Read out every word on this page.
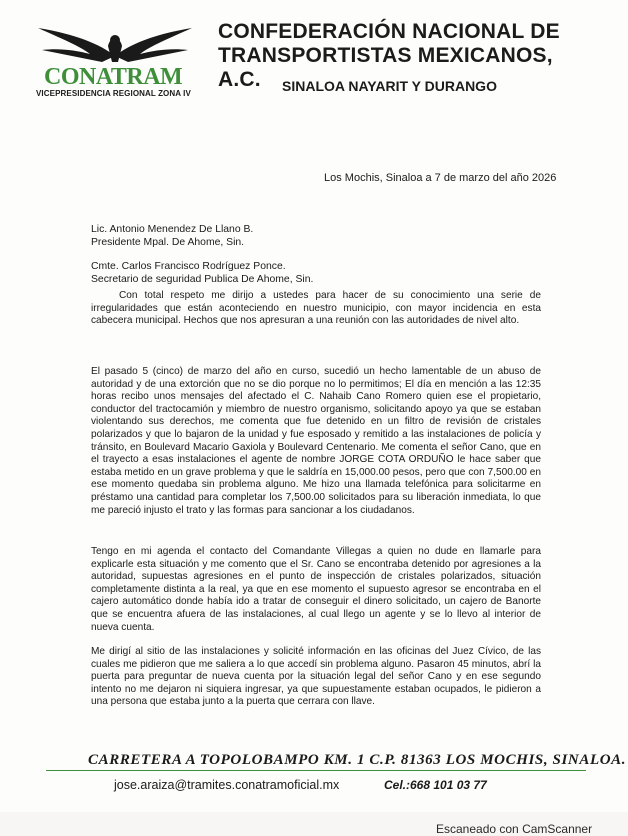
CONATRAM
VICEPRESIDENCIA REGIONAL ZONA IV
CONFEDERACIÓN NACIONAL DE
TRANSPORTISTAS MEXICANOS, A.C.	SINALOA NAYARIT Y DURANGO
Los Mochis, Sinaloa a 7 de marzo del año 2026
Lic. Antonio Menendez De Llano B.
Presidente Mpal. De Ahome, Sin.
Cmte. Carlos Francisco Rodríguez Ponce.
Secretario de seguridad Publica De Ahome, Sin.

Con total respeto me dirijo a ustedes para hacer de su conocimiento una serie de irregularidades que están aconteciendo en nuestro municipio, con mayor incidencia en esta cabecera municipal. Hechos que nos apresuran a una reunión con las autoridades de nivel alto.

El pasado 5 (cinco) de marzo del año en curso, sucedió un hecho lamentable de un abuso de autoridad y de una extorción que no se dio porque no lo permitimos; El día en mención a las 12:35 horas recibo unos mensajes del afectado el C. Nahaib Cano Romero quien ese el propietario, conductor del tractocamión y miembro de nuestro organismo, solicitando apoyo ya que se estaban violentando sus derechos, me comenta que fue detenido en un filtro de revisión de cristales polarizados y que lo bajaron de la unidad y fue esposado y remitido a las instalaciones de policía y tránsito, en Boulevard Macario Gaxiola y Boulevard Centenario. Me comenta el señor Cano, que en el trayecto a esas instalaciones el agente de nombre JORGE COTA ORDUÑO le hace saber que estaba metido en un grave problema y que le saldría en 15,000.00 pesos, pero que con 7,500.00 en ese momento quedaba sin problema alguno. Me hizo una llamada telefónica para solicitarme en préstamo una cantidad para completar los 7,500.00 solicitados para su liberación inmediata, lo que me pareció injusto el trato y las formas para sancionar a los ciudadanos.

Tengo en mi agenda el contacto del Comandante Villegas a quien no dude en llamarle para explicarle esta situación y me comento que el Sr. Cano se encontraba detenido por agresiones a la autoridad, supuestas agresiones en el punto de inspección de cristales polarizados, situación completamente distinta a la real, ya que en ese momento el supuesto agresor se encontraba en el cajero automático donde había ido a tratar de conseguir el dinero solicitado, un cajero de Banorte que se encuentra afuera de las instalaciones, al cual llego un agente y se lo llevo al interior de nueva cuenta.

Me dirigí al sitio de las instalaciones y solicité información en las oficinas del Juez Cívico, de las cuales me pidieron que me saliera a lo que accedí sin problema alguno. Pasaron 45 minutos, abrí la puerta para preguntar de nueva cuenta por la situación legal del señor Cano y en ese segundo intento no me dejaron ni siquiera ingresar, ya que supuestamente estaban ocupados, le pidieron a una persona que estaba junto a la puerta que cerrara con llave.

CARRETERA A TOPOLOBAMPO KM. 1 C.P. 81363 LOS MOCHIS, SINALOA.
jose.araiza@tramites.conatramoficial.mx	Cel.:668 101 03 77
Escaneado con CamScanner
